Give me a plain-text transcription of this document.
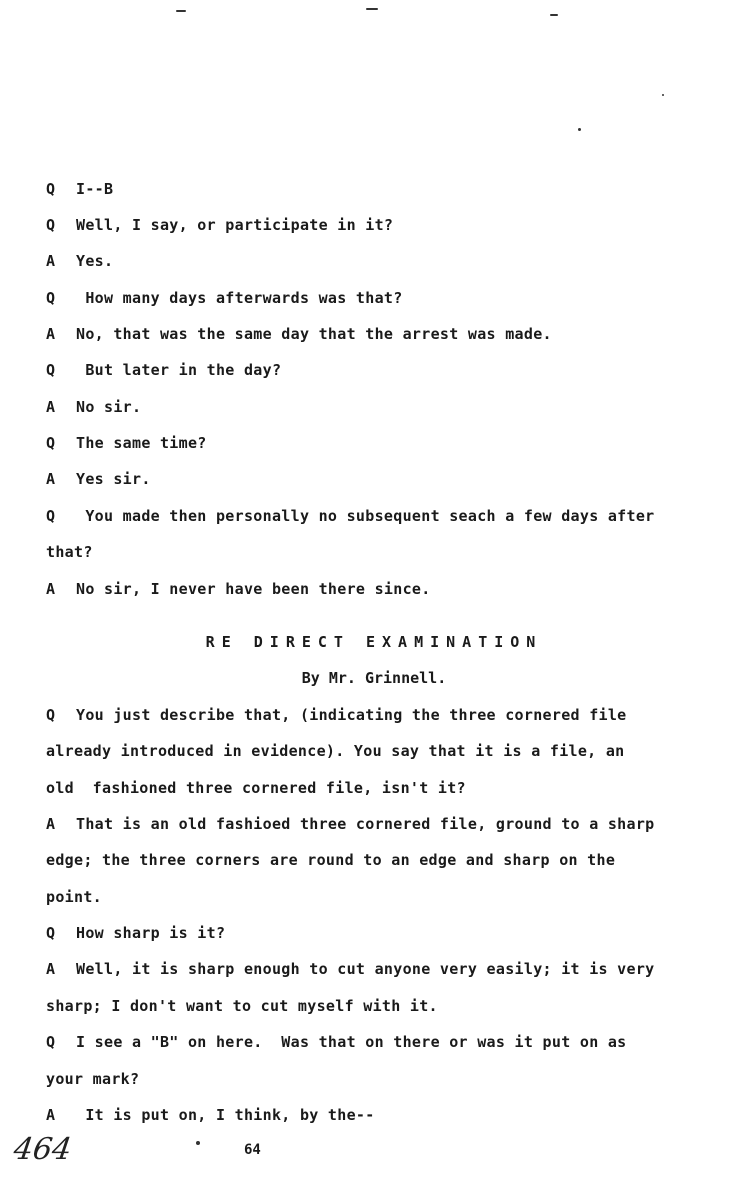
Q I--B
Q Well, I say, or participate in it?
A Yes.
Q How many days afterwards was that?
A No, that was the same day that the arrest was made.
Q But later in the day?
A No sir.
Q The same time?
A Yes sir.
Q You made then personally no subsequent seach a few days after
that?
A No sir, I never have been there since.
RE DIRECT EXAMINATION
By Mr. Grinnell.
Q You just describe that, (indicating the three cornered file
already introduced in evidence). You say that it is a file, an
old  fashioned three cornered file, isn't it?
A That is an old fashioed three cornered file, ground to a sharp
edge; the three corners are round to an edge and sharp on the
point.
Q How sharp is it?
A Well, it is sharp enough to cut anyone very easily; it is very
sharp; I don't want to cut myself with it.
Q I see a "B" on here.  Was that on there or was it put on as
your mark?
A It is put on, I think, by the--
464	64
